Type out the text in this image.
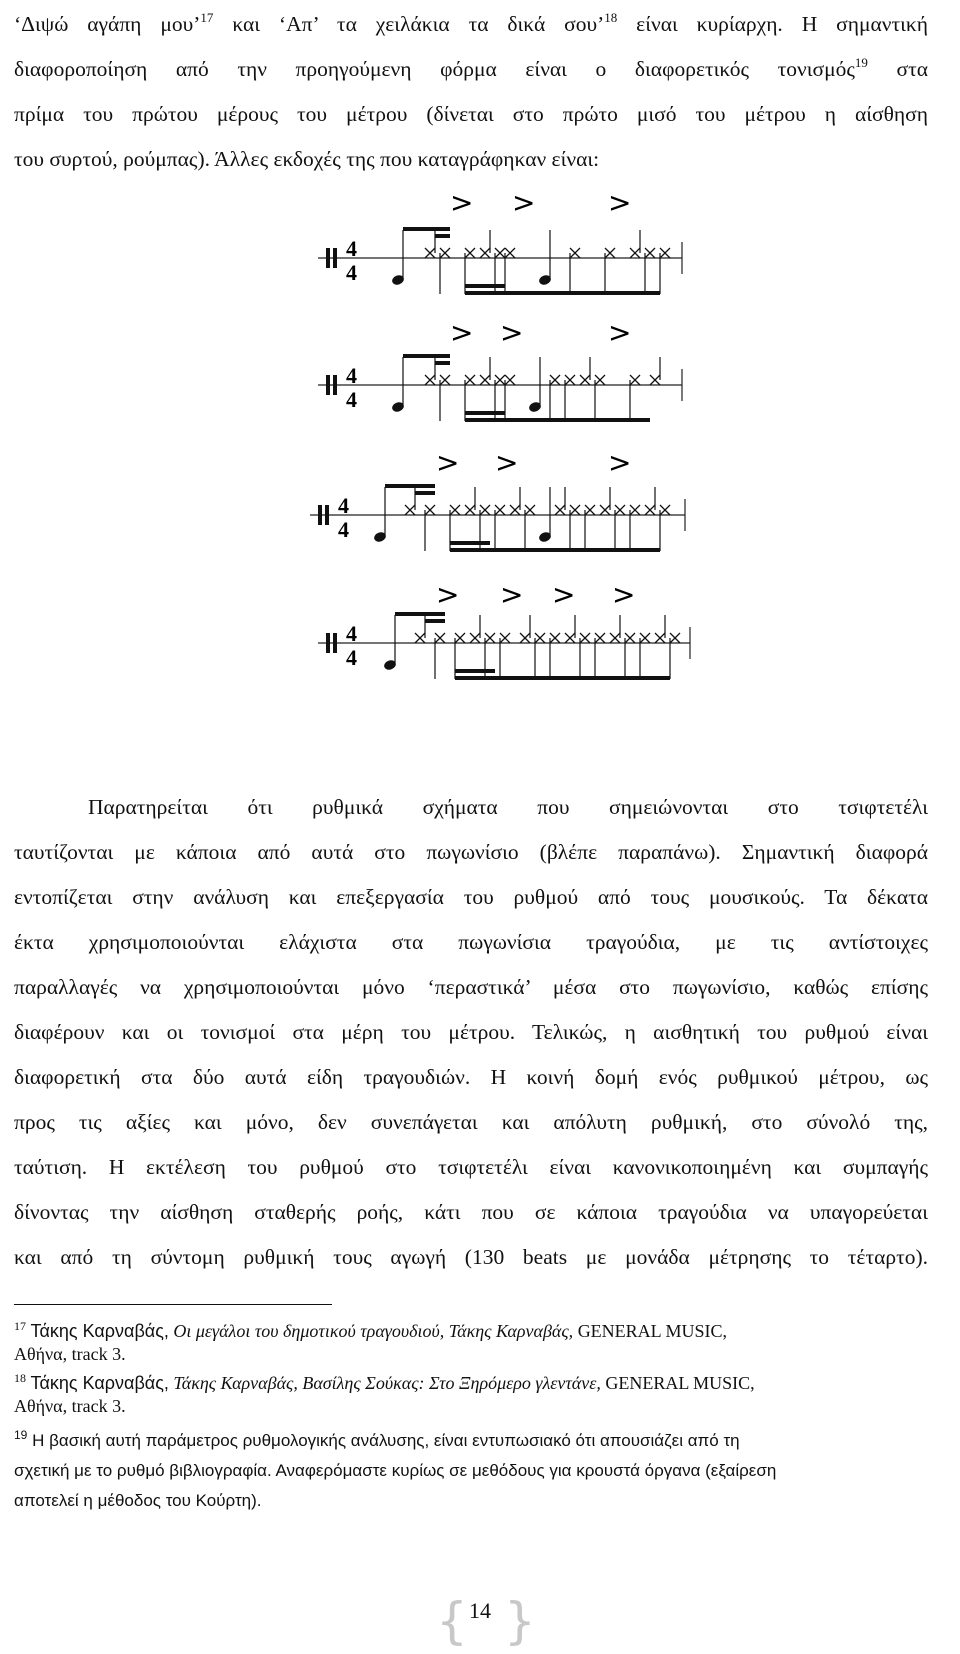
‘Διψώ αγάπη μου’$^{17}$ και ‘Απ’ τα χειλάκια τα δικά σου’$^{18}$ είναι κυρίαρχη. Η σημαντική
διαφοροποίηση από την προηγούμενη φόρμα είναι ο διαφορετικός τονισμός$^{19}$ στα
πρίμα του πρώτου μέρους του μέτρου (δίνεται στο πρώτο μισό του μέτρου η αίσθηση
του συρτού, ρούμπας). Άλλες εκδοχές της που καταγράφηκαν είναι:
4
4
> >	>
4
4
> >	>
4
4
> >	>
4
4
> > > >
Παρατηρείται ότι ρυθμικά σχήματα που σημειώνονται στο τσιφτετέλι
ταυτίζονται με κάποια από αυτά στο πωγωνίσιο (βλέπε παραπάνω). Σημαντική διαφορά
εντοπίζεται στην ανάλυση και επεξεργασία του ρυθμού από τους μουσικούς. Τα δέκατα
έκτα χρησιμοποιούνται ελάχιστα στα πωγωνίσια τραγούδια, με τις αντίστοιχες
παραλλαγές να χρησιμοποιούνται μόνο ‘περαστικά’ μέσα στο πωγωνίσιο, καθώς επίσης
διαφέρουν και οι τονισμοί στα μέρη του μέτρου. Τελικώς, η αισθητική του ρυθμού είναι
διαφορετική στα δύο αυτά είδη τραγουδιών. Η κοινή δομή ενός ρυθμικού μέτρου, ως
προς τις αξίες και μόνο, δεν συνεπάγεται και απόλυτη ρυθμική, στο σύνολό της,
ταύτιση. Η εκτέλεση του ρυθμού στο τσιφτετέλι είναι κανονικοποιημένη και συμπαγής
δίνοντας την αίσθηση σταθερής ροής, κάτι που σε κάποια τραγούδια να υπαγορεύεται
και από τη σύντομη ρυθμική τους αγωγή (130 beats με μονάδα μέτρησης το τέταρτο).
$^{17}$ Τάκης Καρναβάς, Οι μεγάλοι του δημοτικού τραγουδιού, Τάκης Καρναβάς, GENERAL MUSIC,
Αθήνα, track 3.
$^{18}$ Τάκης Καρναβάς, Τάκης Καρναβάς, Βασίλης Σούκας: Στο Ξηρόμερο γλεντάνε, GENERAL MUSIC,
Αθήνα, track 3.
$^{19}$ Η βασική αυτή παράμετρος ρυθμολογικής ανάλυσης, είναι εντυπωσιακό ότι απουσιάζει από τη
σχετική με το ρυθμό βιβλιογραφία. Αναφερόμαστε κυρίως σε μεθόδους για κρουστά όργανα (εξαίρεση
αποτελεί η μέθοδος του Κούρτη).
{ 14 }
